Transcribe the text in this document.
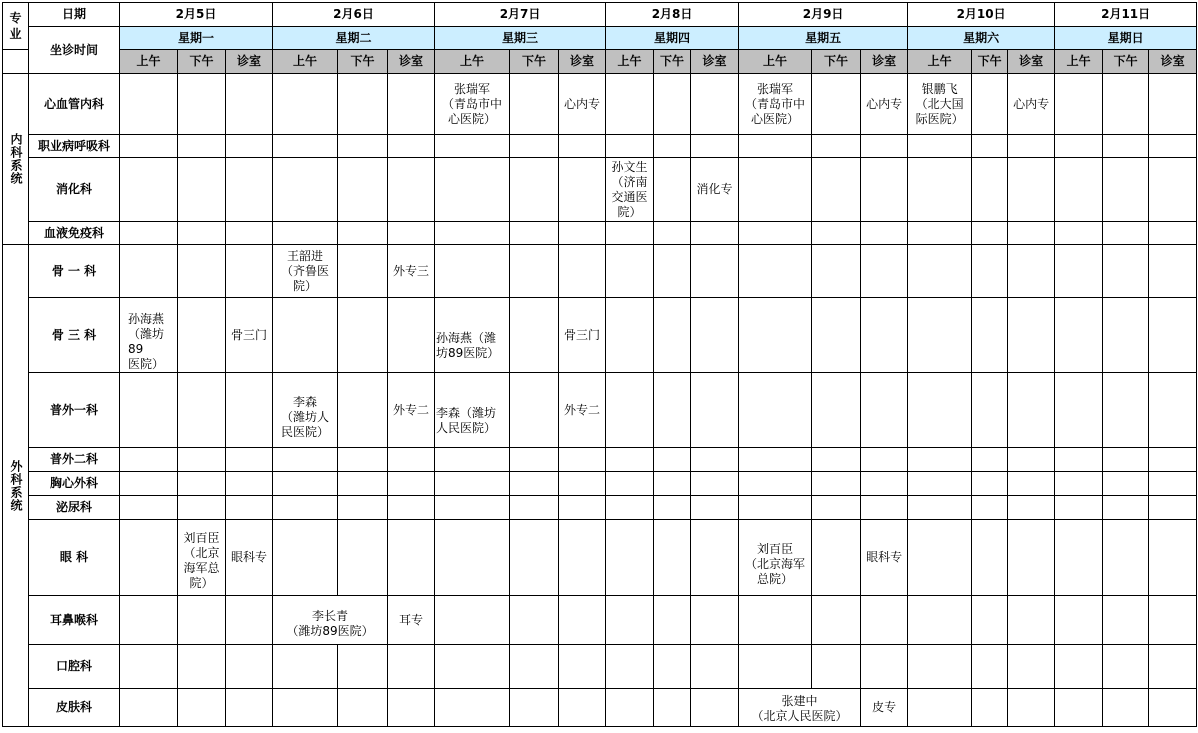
专业	日期	2月5日			2月6日			2月7日			2月8日			2月9日			2月10日			2月11日		
	坐诊时间	星期一			星期二			星期三			星期四			星期五			星期六			星期日		
		上午	下午	诊室	上午	下午	诊室	上午	下午	诊室	上午	下午	诊室	上午	下午	诊室	上午	下午	诊室	上午	下午	诊室
内科系统	心血管内科							张瑞军
（青岛市中
心医院）		心内专				张瑞军
（青岛市中
心医院）		心内专	银鹏飞
（北大国
际医院）		心内专			
	职业病呼吸科																					
	消化科										孙文生
（济南
交通医
院）		消化专									
	血液免疫科																					
外科系统	骨 一 科				王韶进
（齐鲁医
院）		外专三															
	骨 三 科	孙海燕
（潍坊89
医院）		骨三门				孙海燕（潍
坊89医院）		骨三门												
	普外一科				李森
（潍坊人
民医院）		外专二	李森（潍坊
人民医院）		外专二												
	普外二科																					
	胸心外科																					
	泌尿科																					
	眼 科		刘百臣
（北京
海军总
院）	眼科专										刘百臣
（北京海军
总院）		眼科专						
	耳鼻喉科				李长青
（潍坊89医院）		耳专															
	口腔科																					
	皮肤科													张建中
（北京人民医院）		皮专						
